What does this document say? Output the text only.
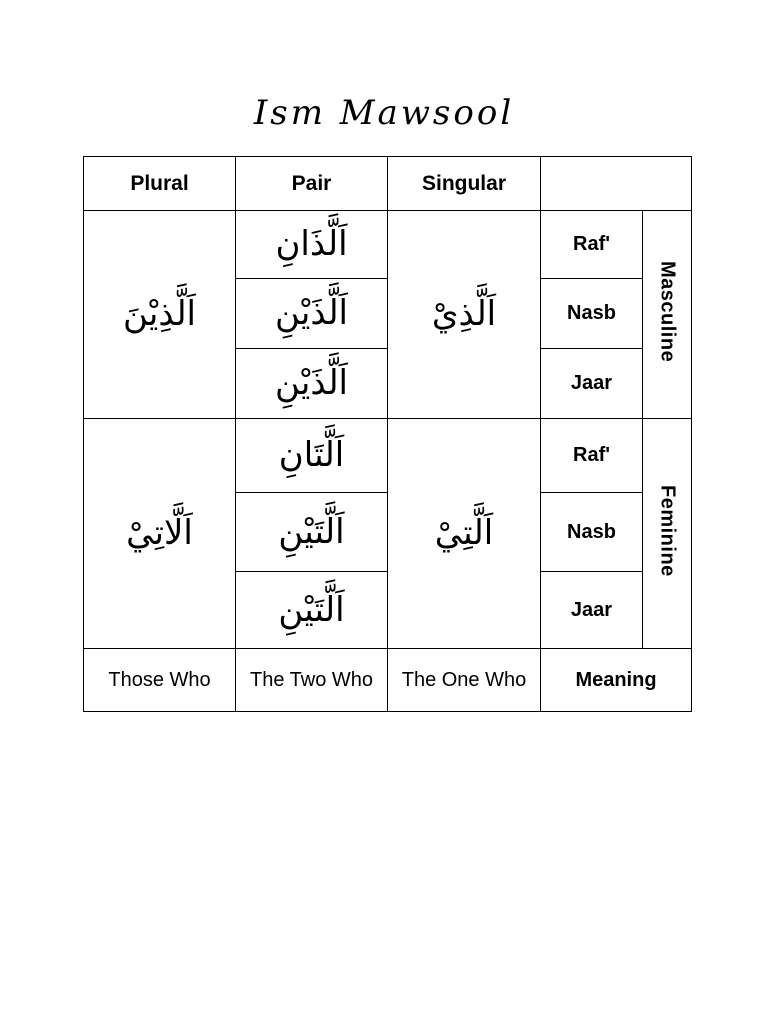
Ism Mawsool
Plural	Pair	Singular		
اَلَّذِيْنَ	اَلَّذَانِ	اَلَّذِيْ	Raf'	Masculine
	اَلَّذَيْنِ		Nasb	
	اَلَّذَيْنِ		Jaar	
اَلَّاتِيْ	اَلَّتَانِ	اَلَّتِيْ	Raf'	Feminine
	اَلَّتَيْنِ		Nasb	
	اَلَّتَيْنِ		Jaar	
Those Who	The Two Who	The One Who	Meaning	
